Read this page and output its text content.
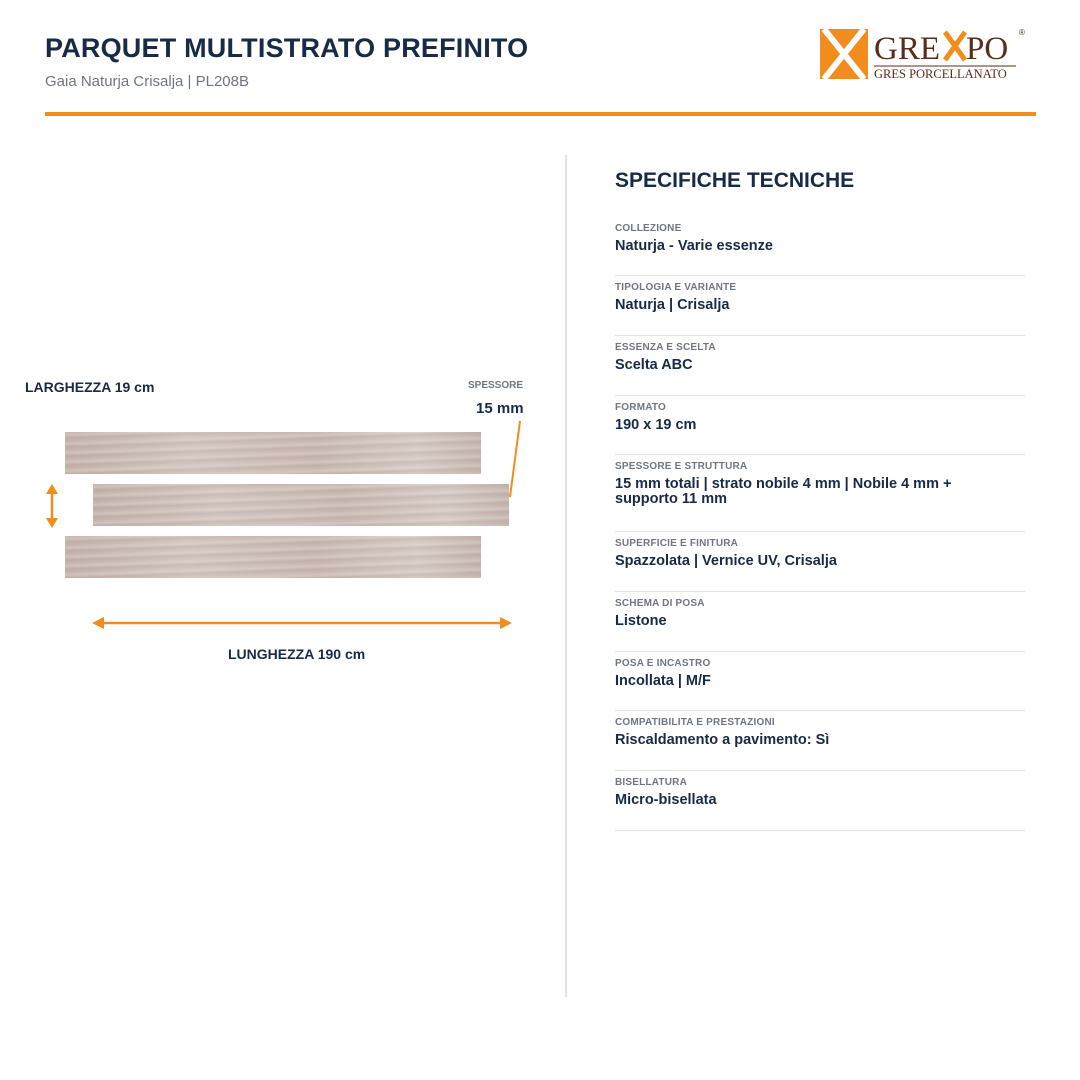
PARQUET MULTISTRATO PREFINITO
Gaia Naturja Crisalja | PL208B
GRE PO ®
GRES PORCELLANATO
LARGHEZZA 19 cm	SPESSORE
15 mm
LUNGHEZZA 190 cm
SPECIFICHE TECNICHE
COLLEZIONE
Naturja - Varie essenze
TIPOLOGIA E VARIANTE
Naturja | Crisalja
ESSENZA E SCELTA
Scelta ABC
FORMATO
190 x 19 cm
SPESSORE E STRUTTURA
15 mm totali | strato nobile 4 mm | Nobile 4 mm + supporto 11 mm
SUPERFICIE E FINITURA
Spazzolata | Vernice UV, Crisalja
SCHEMA DI POSA
Listone
POSA E INCASTRO
Incollata | M/F
COMPATIBILITA E PRESTAZIONI
Riscaldamento a pavimento: Sì
BISELLATURA
Micro-bisellata
